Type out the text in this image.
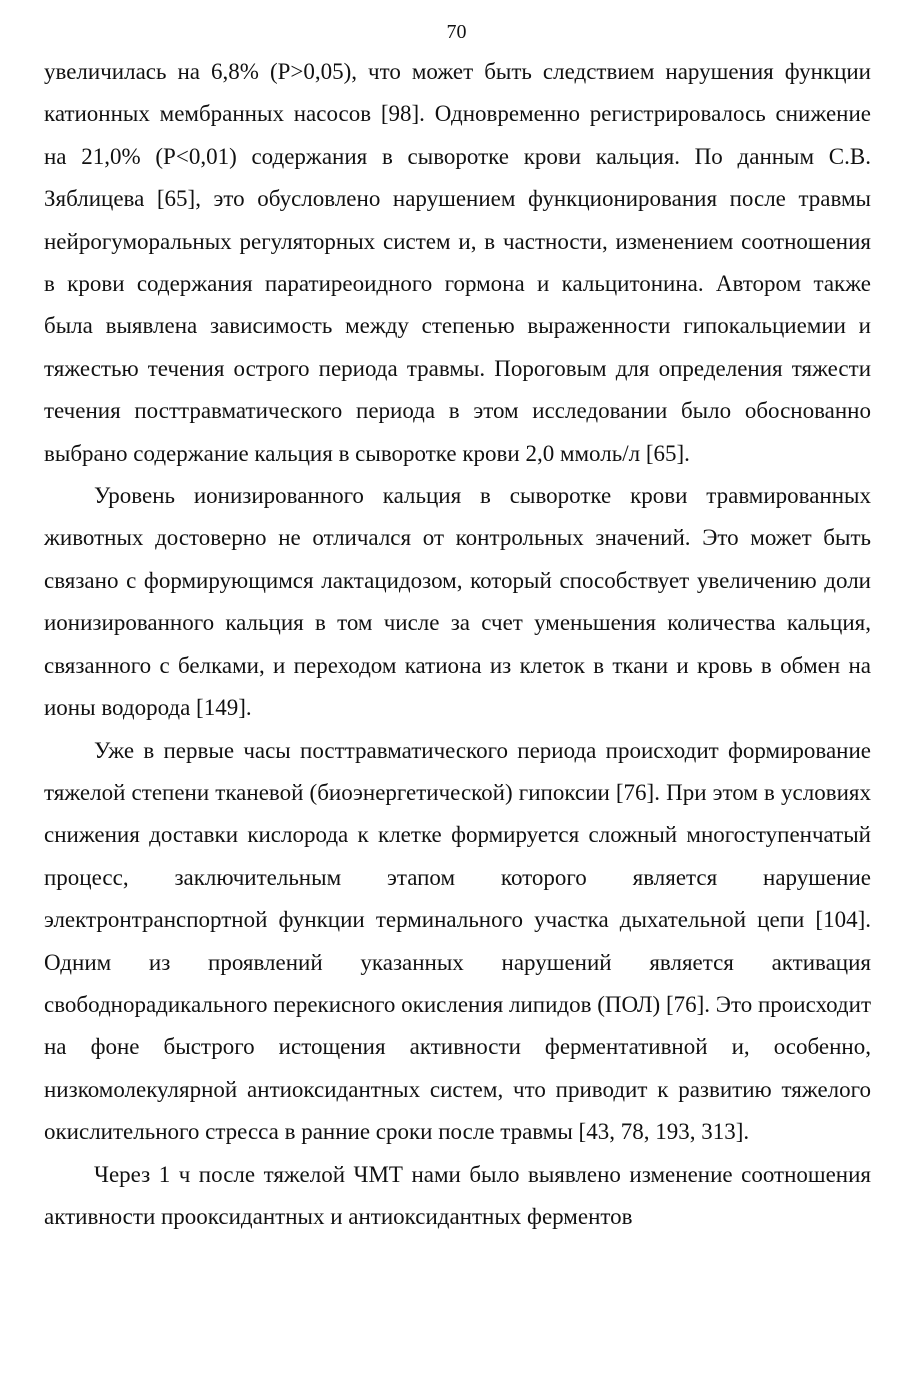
70

увеличилась на 6,8% (P>0,05), что может быть следствием нарушения функции катионных мембранных насосов [98]. Одновременно регистрировалось снижение на 21,0% (P<0,01) содержания в сыворотке крови кальция. По данным С.В. Зяблицева [65], это обусловлено нарушением функционирования после травмы нейрогуморальных регуляторных систем и, в частности, изменением соотношения в крови содержания паратиреоидного гормона и кальцитонина. Автором также была выявлена зависимость между степенью выраженности гипокальциемии и тяжестью течения острого периода травмы. Пороговым для определения тяжести течения посттравматического периода в этом исследовании было обоснованно выбрано содержание кальция в сыворотке крови 2,0 ммоль/л [65].

Уровень ионизированного кальция в сыворотке крови травмированных животных достоверно не отличался от контрольных значений. Это может быть связано с формирующимся лактацидозом, который способствует увеличению доли ионизированного кальция в том числе за счет уменьшения количества кальция, связанного с белками, и переходом катиона из клеток в ткани и кровь в обмен на ионы водорода [149].

Уже в первые часы посттравматического периода происходит формирование тяжелой степени тканевой (биоэнергетической) гипоксии [76]. При этом в условиях снижения доставки кислорода к клетке формируется сложный многоступенчатый процесс, заключительным этапом которого является нарушение электронтранспортной функции терминального участка дыхательной цепи [104]. Одним из проявлений указанных нарушений является активация свободнорадикального перекисного окисления липидов (ПОЛ) [76]. Это происходит на фоне быстрого истощения активности ферментативной и, особенно, низкомолекулярной антиоксидантных систем, что приводит к развитию тяжелого окислительного стресса в ранние сроки после травмы [43, 78, 193, 313].

Через 1 ч после тяжелой ЧМТ нами было выявлено изменение соотношения активности прооксидантных и антиоксидантных ферментов
